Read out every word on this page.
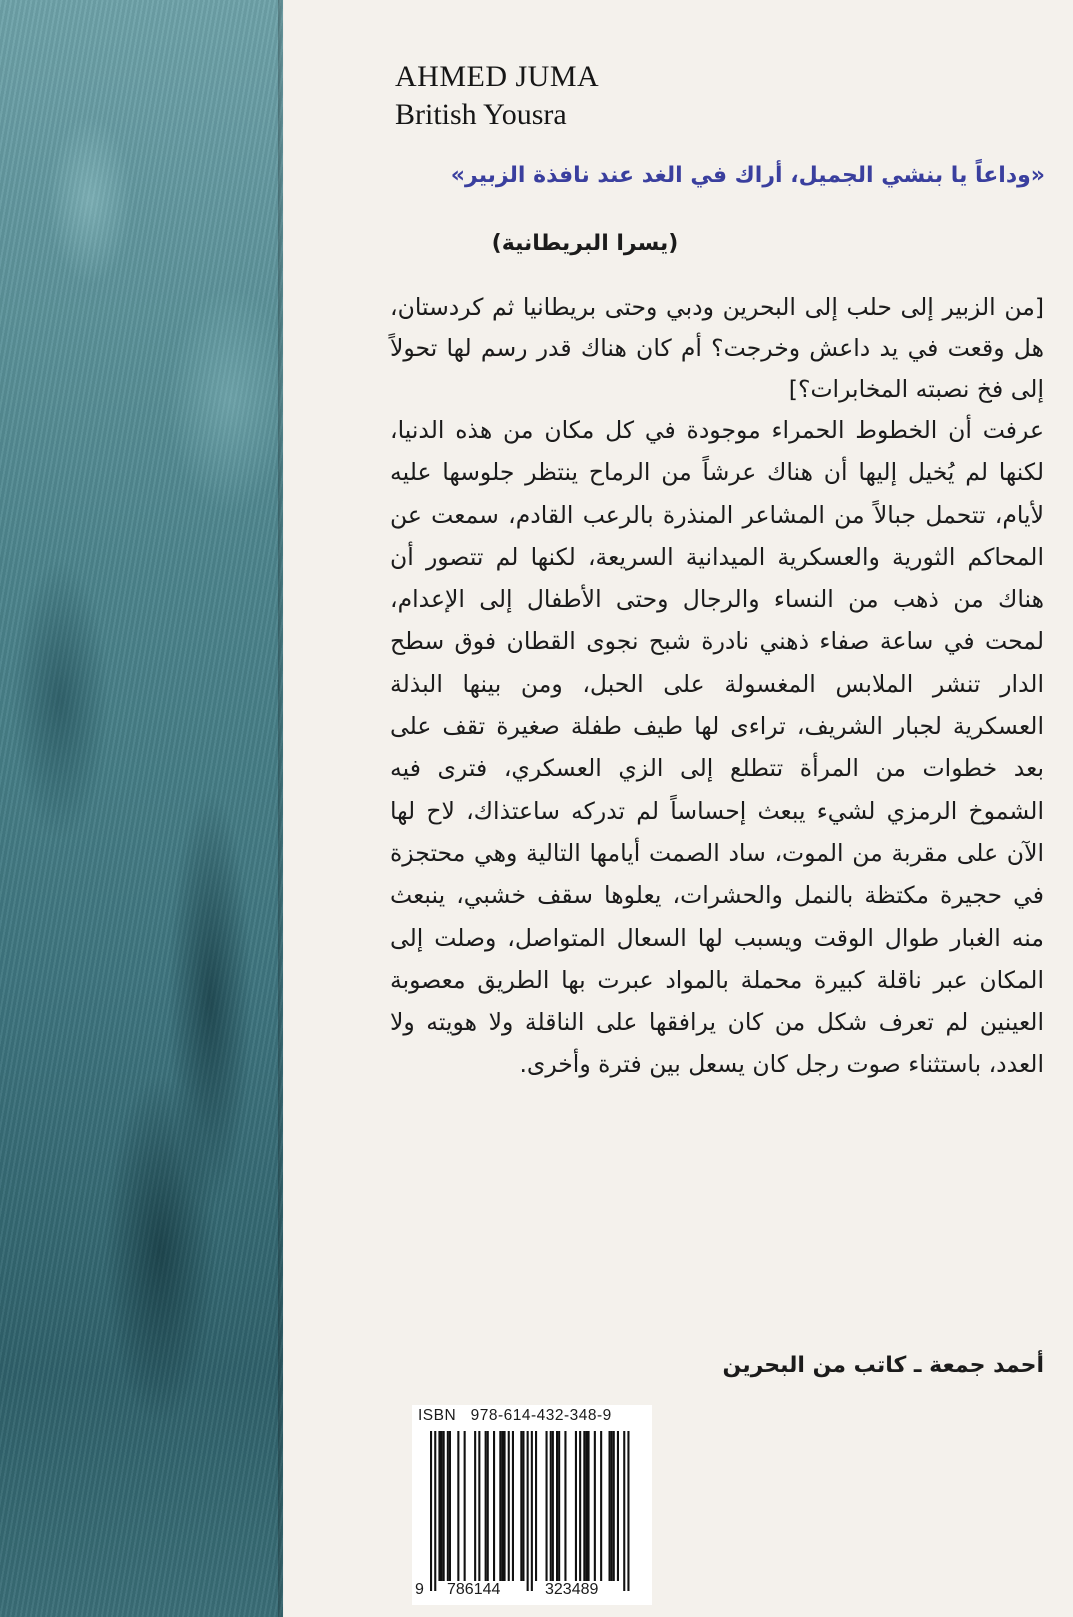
AHMED JUMA

British Yousra

«وداعاً يا بنشي الجميل، أراك في الغد عند نافذة الزبير»

(يسرا البريطانية)

[من الزبير إلى حلب إلى البحرين ودبي وحتى بريطانيا ثم كردستان، هل وقعت في يد داعش وخرجت؟ أم كان هناك قدر رسم لها تحولاً إلى فخ نصبته المخابرات؟]

عرفت أن الخطوط الحمراء موجودة في كل مكان من هذه الدنيا، لكنها لم يُخيل إليها أن هناك عرشاً من الرماح ينتظر جلوسها عليه لأيام، تتحمل جبالاً من المشاعر المنذرة بالرعب القادم، سمعت عن المحاكم الثورية والعسكرية الميدانية السريعة، لكنها لم تتصور أن هناك من ذهب من النساء والرجال وحتى الأطفال إلى الإعدام، لمحت في ساعة صفاء ذهني نادرة شبح نجوى القطان فوق سطح الدار تنشر الملابس المغسولة على الحبل، ومن بينها البذلة العسكرية لجبار الشريف، تراءى لها طيف طفلة صغيرة تقف على بعد خطوات من المرأة تتطلع إلى الزي العسكري، فترى فيه الشموخ الرمزي لشيء يبعث إحساساً لم تدركه ساعتذاك، لاح لها الآن على مقربة من الموت، ساد الصمت أيامها التالية وهي محتجزة في حجيرة مكتظة بالنمل والحشرات، يعلوها سقف خشبي، ينبعث منه الغبار طوال الوقت ويسبب لها السعال المتواصل، وصلت إلى المكان عبر ناقلة كبيرة محملة بالمواد عبرت بها الطريق معصوبة العينين لم تعرف شكل من كان يرافقها على الناقلة ولا هويته ولا العدد، باستثناء صوت رجل كان يسعل بين فترة وأخرى.

أحمد جمعة ـ كاتب من البحرين

ISBN   978-614-432-348-9

9 786144	323489
